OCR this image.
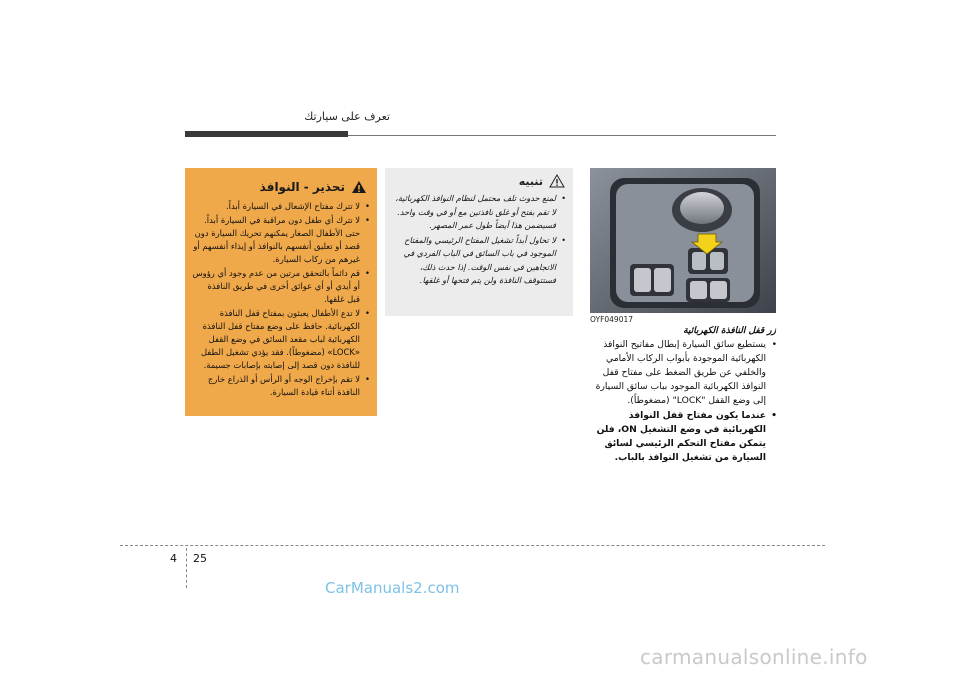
تعرف على سيارتك
تحذير - النوافذ
• لا تترك مفتاح الإشعال في السيارة أبداً.
• لا تترك أي طفل دون مراقبة في السيارة أبداً. حتى الأطفال الصغار يمكنهم تحريك السيارة دون قصد أو تعليق أنفسهم بالنوافذ أو إيذاء أنفسهم أو غيرهم من ركاب السيارة.
• قم دائماً بالتحقق مرتين من عدم وجود أي رؤوس أو أيدي أو أي عوائق أخرى في طريق النافذة قبل غلقها.
• لا تدع الأطفال يعبثون بمفتاح قفل النافذة الكهربائية. حافظ على وضع مفتاح قفل النافذة الكهربائية لباب مقعد السائق في وضع القفل «LOCK» (مضغوطاً). فقد يؤدي تشغيل الطفل للنافذة دون قصد إلى إصابته بإصابات جسيمة.
• لا تقم بإخراج الوجه أو الرأس أو الذراع خارج النافذة أثناء قيادة السيارة.
تنبيه
• لمنع حدوث تلف محتمل لنظام النوافذ الكهربائية، لا تقم بفتح أو غلق نافذتين مع أو في وقت واحد. فسيضمن هذا أيضاً طول عمر المصهر.
• لا تحاول أبداً تشغيل المفتاح الرئيسي والمفتاح الموجود في باب السائق في الباب الفردي في الاتجاهين في نفس الوقت. إذا حدث ذلك، فستتوقف النافذة ولن يتم فتحها أو غلقها.
OYF049017
زر قفل النافذة الكهربائية
• يستطيع سائق السيارة إبطال مفاتيح النوافذ الكهربائية الموجودة بأبواب الركاب الأمامي والخلفي عن طريق الضغط على مفتاح قفل النوافذ الكهربائية الموجود بباب سائق السيارة إلى وضع القفل "LOCK" (مضغوطاً).
• عندما يكون مفتاح قفل النوافذ الكهربائية في وضع التشغيل ON، فلن يتمكن مفتاح التحكم الرئيسي لسائق السيارة من تشغيل النوافذ بالباب.
4 25
CarManuals2.com
carmanualsonline.info
